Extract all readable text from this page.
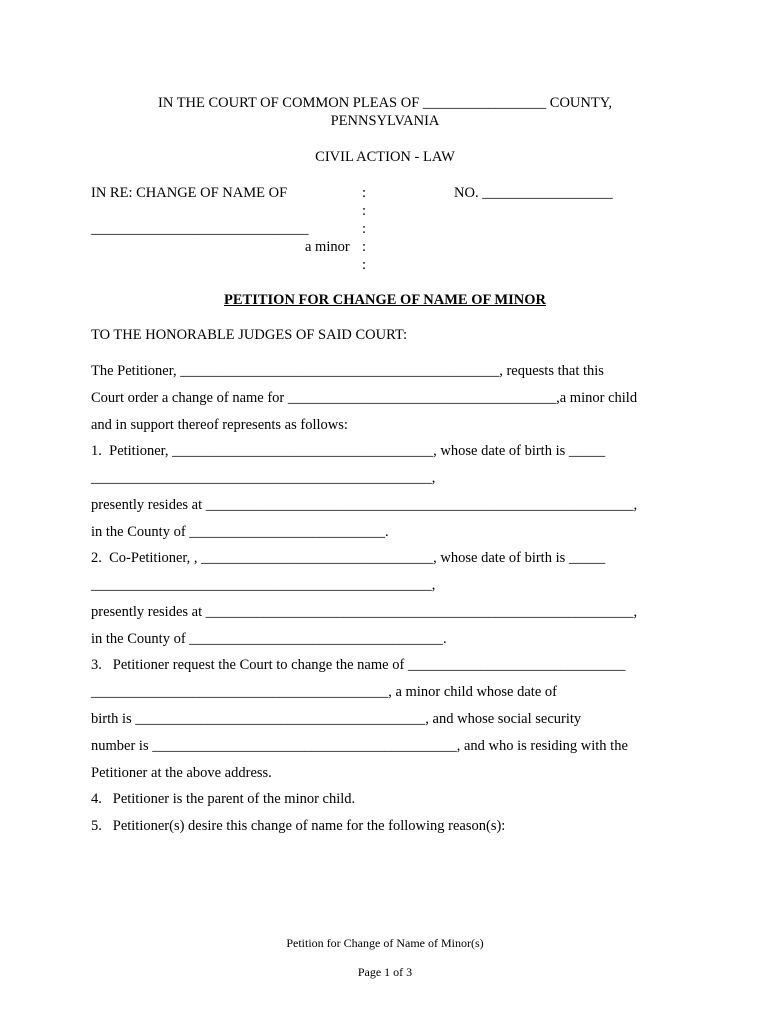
IN THE COURT OF COMMON PLEAS OF _________________ COUNTY,
PENNSYLVANIA
CIVIL ACTION - LAW
IN RE: CHANGE OF NAME OF	:	NO. __________________
:
______________________________	:
a minor :
:
PETITION FOR CHANGE OF NAME OF MINOR
TO THE HONORABLE JUDGES OF SAID COURT:
The Petitioner, ____________________________________________, requests that this
Court order a change of name for _____________________________________,a minor child
and in support thereof represents as follows:
1.  Petitioner, ____________________________________, whose date of birth is _____
_______________________________________________,
presently resides at ___________________________________________________________,
in the County of ___________________________.
2.  Co-Petitioner, , ________________________________, whose date of birth is _____
_______________________________________________,
presently resides at ___________________________________________________________,
in the County of ___________________________________.
3.   Petitioner request the Court to change the name of ______________________________
_________________________________________, a minor child whose date of
birth is ________________________________________, and whose social security
number is __________________________________________, and who is residing with the
Petitioner at the above address.
4.   Petitioner is the parent of the minor child.
5.   Petitioner(s) desire this change of name for the following reason(s):
Petition for Change of Name of Minor(s)
Page 1 of 3
